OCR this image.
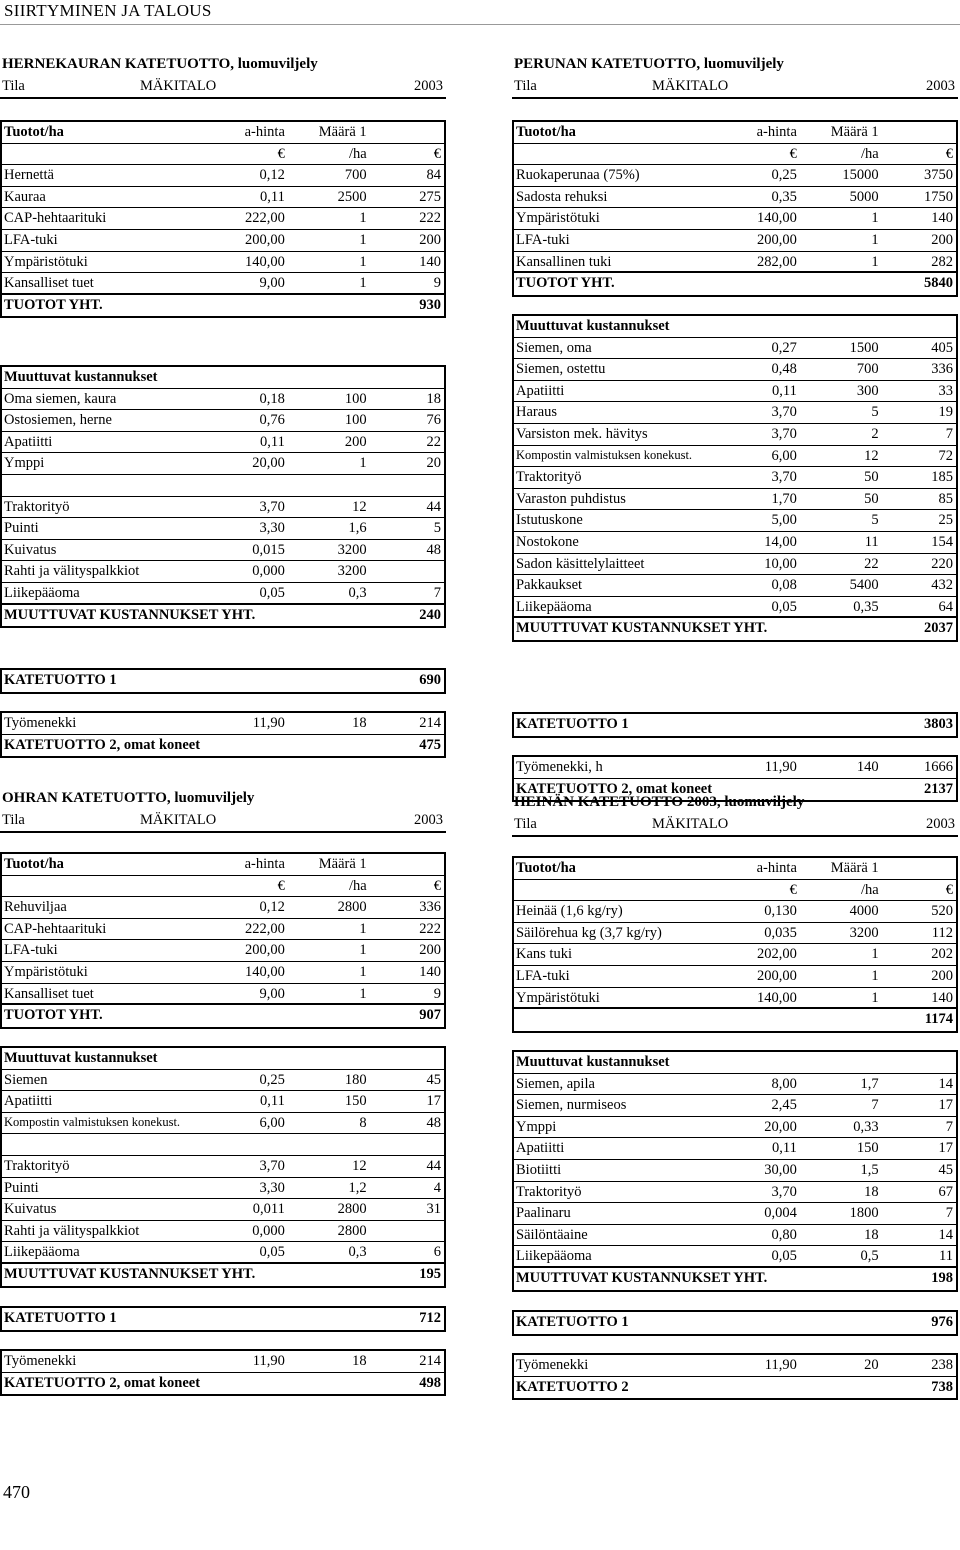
SIIRTYMINEN JA TALOUS
HERNEKAURAN KATETUOTTO, luomuviljely
Tila	MÄKITALO	2003
Tuotot/ha	a-hinta Määrä 1
€	/ha	€
Hernettä	0,12	700	84
Kauraa	0,11	2500	275
CAP-hehtaarituki	222,00	1	222
LFA-tuki	200,00	1	200
Ympäristötuki	140,00	1	140
Kansalliset tuet	9,00	1	9
TUOTOT YHT.	930
Muuttuvat kustannukset
Oma siemen, kaura	0,18	100	18
Ostosiemen, herne	0,76	100	76
Apatiitti	0,11	200	22
Ymppi	20,00	1	20
Traktorityö	3,70	12	44
Puinti	3,30	1,6	5
Kuivatus	0,015	3200	48
Rahti ja välityspalkkiot	0,000	3200
Liikepääoma	0,05	0,3	7
MUUTTUVAT KUSTANNUKSET YHT.	240
KATETUOTTO 1	690
Työmenekki	11,90	18	214
KATETUOTTO 2, omat koneet	475
PERUNAN KATETUOTTO, luomuviljely
Tila	MÄKITALO	2003
Tuotot/ha	a-hinta Määrä 1
€	/ha	€
Ruokaperunaa (75%)	0,25	15000	3750
Sadosta rehuksi	0,35	5000	1750
Ympäristötuki	140,00	1	140
LFA-tuki	200,00	1	200
Kansallinen tuki	282,00	1	282
TUOTOT YHT.	5840
Muuttuvat kustannukset
Siemen, oma	0,27	1500	405
Siemen, ostettu	0,48	700	336
Apatiitti	0,11	300	33
Haraus	3,70	5	19
Varsiston mek. hävitys	3,70	2	7
Kompostin valmistuksen konekust.	6,00	12	72
Traktorityö	3,70	50	185
Varaston puhdistus	1,70	50	85
Istutuskone	5,00	5	25
Nostokone	14,00	11	154
Sadon käsittelylaitteet	10,00	22	220
Pakkaukset	0,08	5400	432
Liikepääoma	0,05	0,35	64
MUUTTUVAT KUSTANNUKSET YHT.	2037
KATETUOTTO 1	3803
Työmenekki, h	11,90	140	1666
KATETUOTTO 2, omat koneet	2137
OHRAN KATETUOTTO, luomuviljely
Tila	MÄKITALO	2003
Tuotot/ha	a-hinta Määrä 1
€	/ha	€
Rehuviljaa	0,12	2800	336
CAP-hehtaarituki	222,00	1	222
LFA-tuki	200,00	1	200
Ympäristötuki	140,00	1	140
Kansalliset tuet	9,00	1	9
TUOTOT YHT.	907
Muuttuvat kustannukset
Siemen	0,25	180	45
Apatiitti	0,11	150	17
Kompostin valmistuksen konekust.	6,00	8	48
Traktorityö	3,70	12	44
Puinti	3,30	1,2	4
Kuivatus	0,011	2800	31
Rahti ja välityspalkkiot	0,000	2800
Liikepääoma	0,05	0,3	6
MUUTTUVAT KUSTANNUKSET YHT.	195
KATETUOTTO 1	712
Työmenekki	11,90	18	214
KATETUOTTO 2, omat koneet	498
HEINÄN KATETUOTTO 2003, luomuviljely
Tila	MÄKITALO	2003
Tuotot/ha	a-hinta Määrä 1
€	/ha	€
Heinää (1,6 kg/ry)	0,130	4000	520
Säilörehua kg (3,7 kg/ry)	0,035	3200	112
Kans tuki	202,00	1	202
LFA-tuki	200,00	1	200
Ympäristötuki	140,00	1	140
1174
Muuttuvat kustannukset
Siemen, apila	8,00	1,7	14
Siemen, nurmiseos	2,45	7	17
Ymppi	20,00	0,33	7
Apatiitti	0,11	150	17
Biotiitti	30,00	1,5	45
Traktorityö	3,70	18	67
Paalinaru	0,004	1800	7
Säilöntäaine	0,80	18	14
Liikepääoma	0,05	0,5	11
MUUTTUVAT KUSTANNUKSET YHT.	198
KATETUOTTO 1	976
Työmenekki	11,90	20	238
KATETUOTTO 2	738
470
